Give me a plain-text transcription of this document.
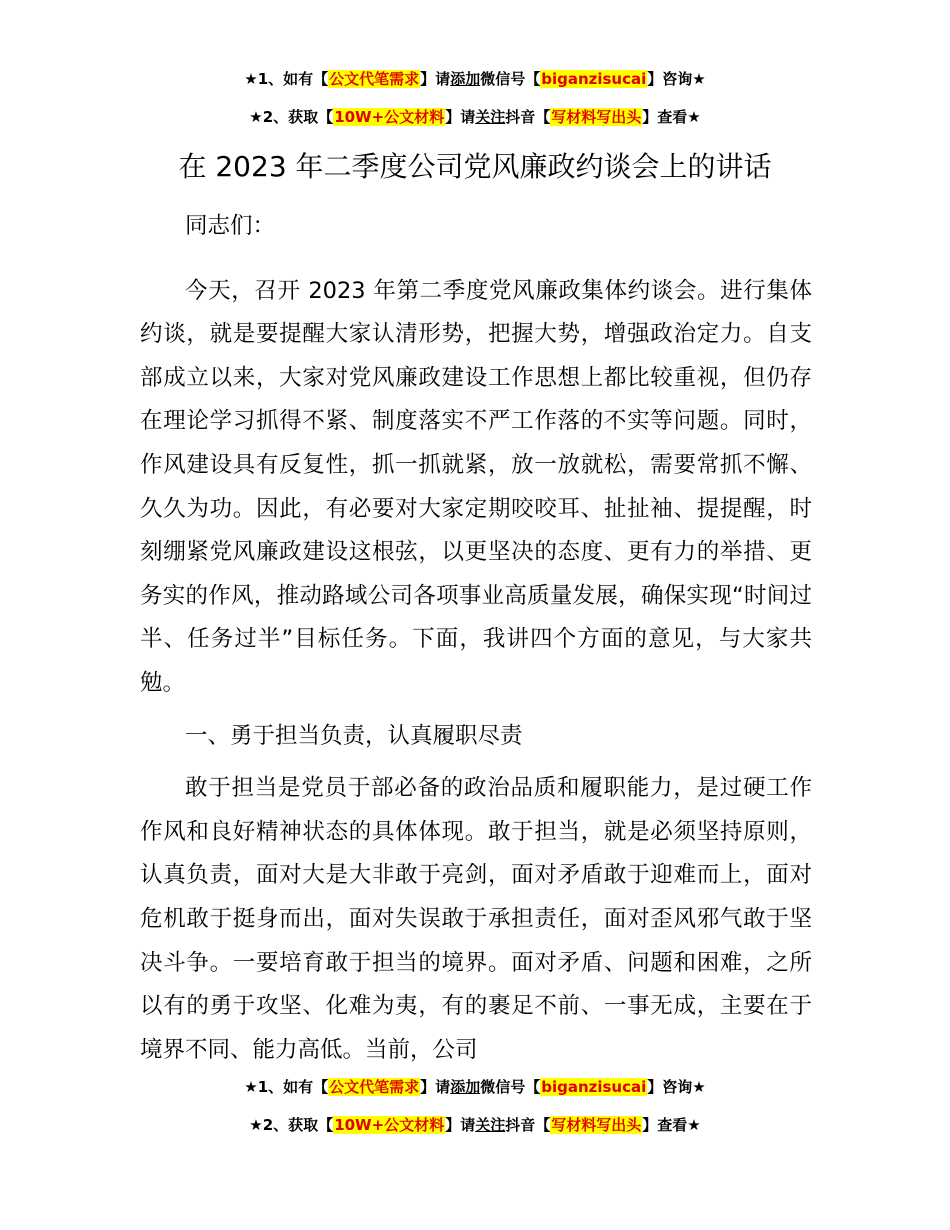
★1、如有【公文代笔需求】请添加微信号【biganzisucai】咨询★
★2、获取【10W+公文材料】请关注抖音【写材料写出头】查看★
在 2023 年二季度公司党风廉政约谈会上的讲话

同志们：

今天，召开 2023 年第二季度党风廉政集体约谈会。进行集体约谈，就是要提醒大家认清形势，把握大势，增强政治定力。自支部成立以来，大家对党风廉政建设工作思想上都比较重视，但仍存在理论学习抓得不紧、制度落实不严工作落的不实等问题。同时，作风建设具有反复性，抓一抓就紧，放一放就松，需要常抓不懈、久久为功。因此，有必要对大家定期咬咬耳、扯扯袖、提提醒，时刻绷紧党风廉政建设这根弦，以更坚决的态度、更有力的举措、更务实的作风，推动路域公司各项事业高质量发展，确保实现“时间过半、任务过半”目标任务。下面，我讲四个方面的意见，与大家共勉。

一、勇于担当负责，认真履职尽责

敢于担当是党员于部必备的政治品质和履职能力，是过硬工作作风和良好精神状态的具体体现。敢于担当，就是必须坚持原则，认真负责，面对大是大非敢于亮剑，面对矛盾敢于迎难而上，面对危机敢于挺身而出，面对失误敢于承担责任，面对歪风邪气敢于坚决斗争。一要培育敢于担当的境界。面对矛盾、问题和困难，之所以有的勇于攻坚、化难为夷，有的裹足不前、一事无成，主要在于境界不同、能力高低。当前，公司

★1、如有【公文代笔需求】请添加微信号【biganzisucai】咨询★
★2、获取【10W+公文材料】请关注抖音【写材料写出头】查看★
